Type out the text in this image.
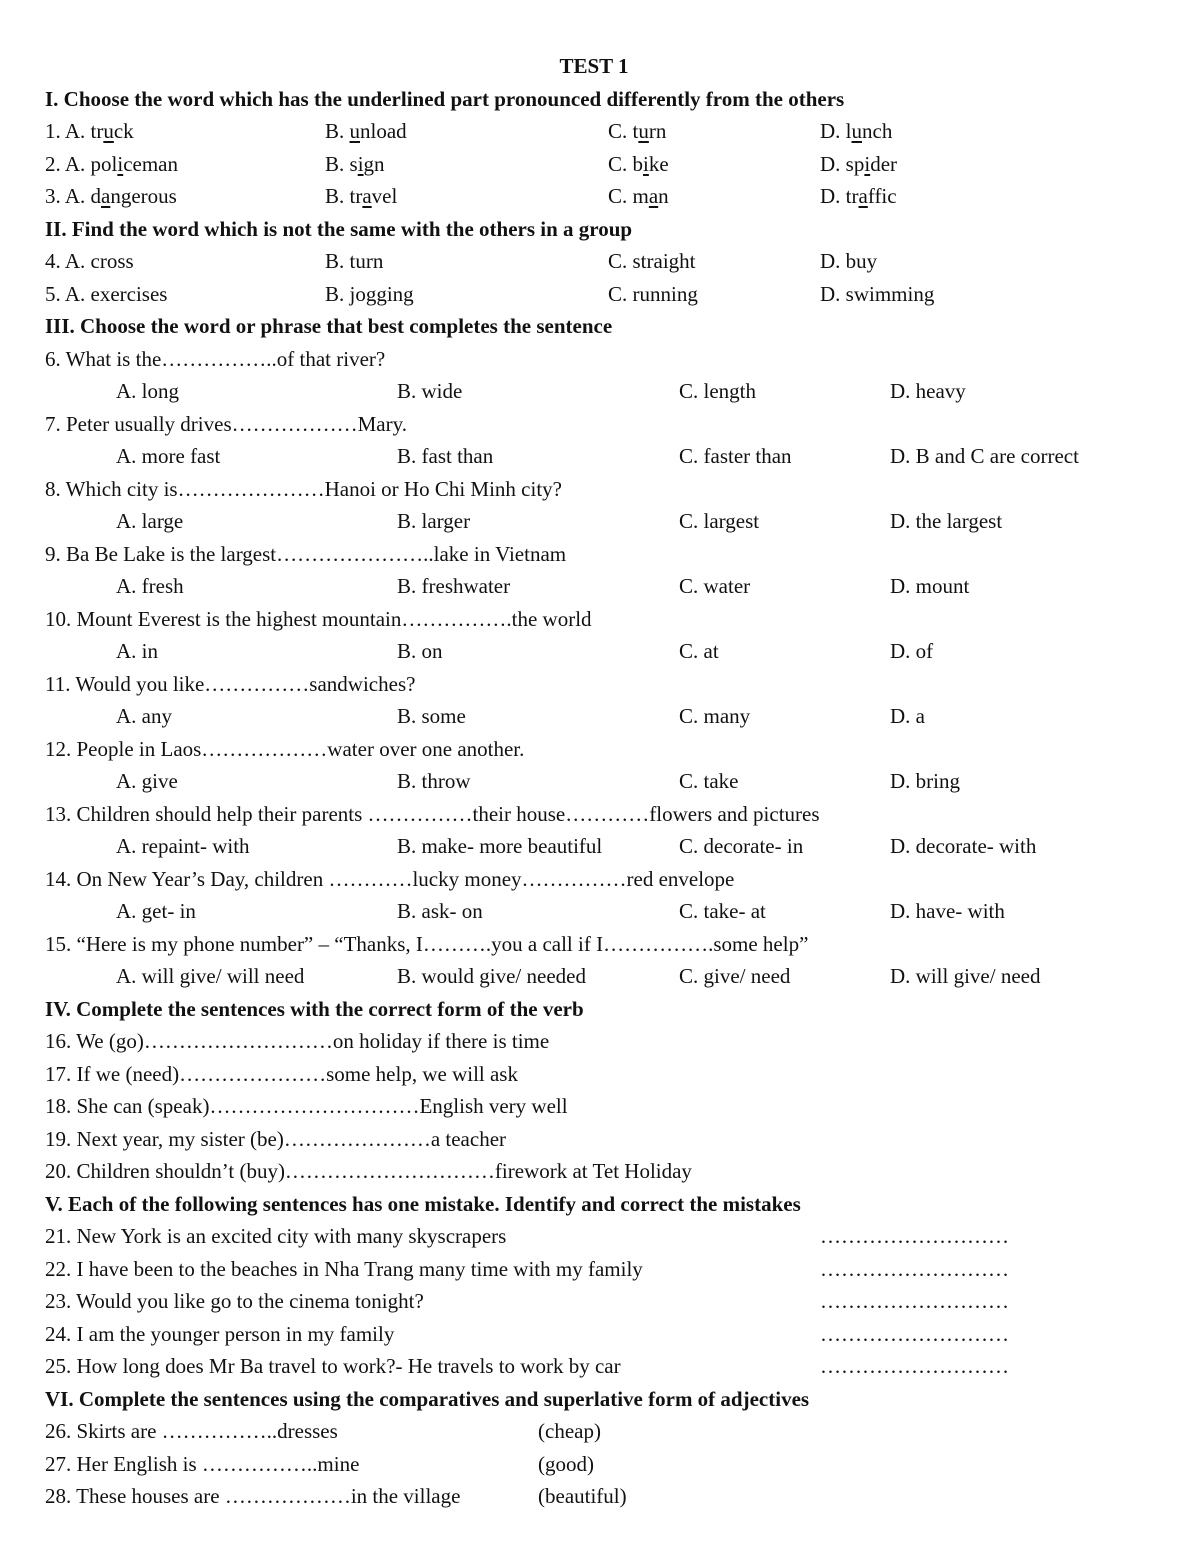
TEST 1
I. Choose the word which has the underlined part pronounced differently from the others
1. A. truck	B. unload	C. turn	D. lunch
2. A. policeman	B. sign	C. bike	D. spider
3. A. dangerous	B. travel	C. man	D. traffic
II. Find the word which is not the same with the others in a group
4. A. cross	B. turn	C. straight	D. buy
5. A. exercises	B. jogging	C. running	D. swimming
III. Choose the word or phrase that best completes the sentence
6. What is the……………..of that river?
A. long	B. wide	C. length	D. heavy
7. Peter usually drives………………Mary.
A. more fast	B. fast than	C. faster than	D. B and C are correct
8. Which city is…………………Hanoi or Ho Chi Minh city?
A. large	B. larger	C. largest	D. the largest
9. Ba Be Lake is the largest…………………..lake in Vietnam
A. fresh	B. freshwater	C. water	D. mount
10. Mount Everest is the highest mountain…………….the world
A. in	B. on	C. at	D. of
11. Would you like……………sandwiches?
A. any	B. some	C. many	D. a
12. People in Laos………………water over one another.
A. give	B. throw	C. take	D. bring
13. Children should help their parents ……………their house…………flowers and pictures
A. repaint- with	B. make- more beautiful	C. decorate- in	D. decorate- with
14. On New Year’s Day, children …………lucky money……………red envelope
A. get- in	B. ask- on	C. take- at	D. have- with
15. “Here is my phone number” – “Thanks, I……….you a call if I…………….some help”
A. will give/ will need	B. would give/ needed	C. give/ need	D. will give/ need
IV. Complete the sentences with the correct form of the verb
16. We (go)………………………on holiday if there is time
17. If we (need)…………………some help, we will ask
18. She can (speak)…………………………English very well
19. Next year, my sister (be)…………………a teacher
20. Children shouldn’t (buy)…………………………firework at Tet Holiday
V. Each of the following sentences has one mistake. Identify and correct the mistakes
21. New York is an excited city with many skyscrapers	………………………
22. I have been to the beaches in Nha Trang many time with my family	………………………
23. Would you like go to the cinema tonight?	………………………
24. I am the younger person in my family	………………………
25. How long does Mr Ba travel to work?- He travels to work by car	………………………
VI. Complete the sentences using the comparatives and superlative form of adjectives
26. Skirts are ……………..dresses	(cheap)
27. Her English is ……………..mine	(good)
28. These houses are ………………in the village	(beautiful)
